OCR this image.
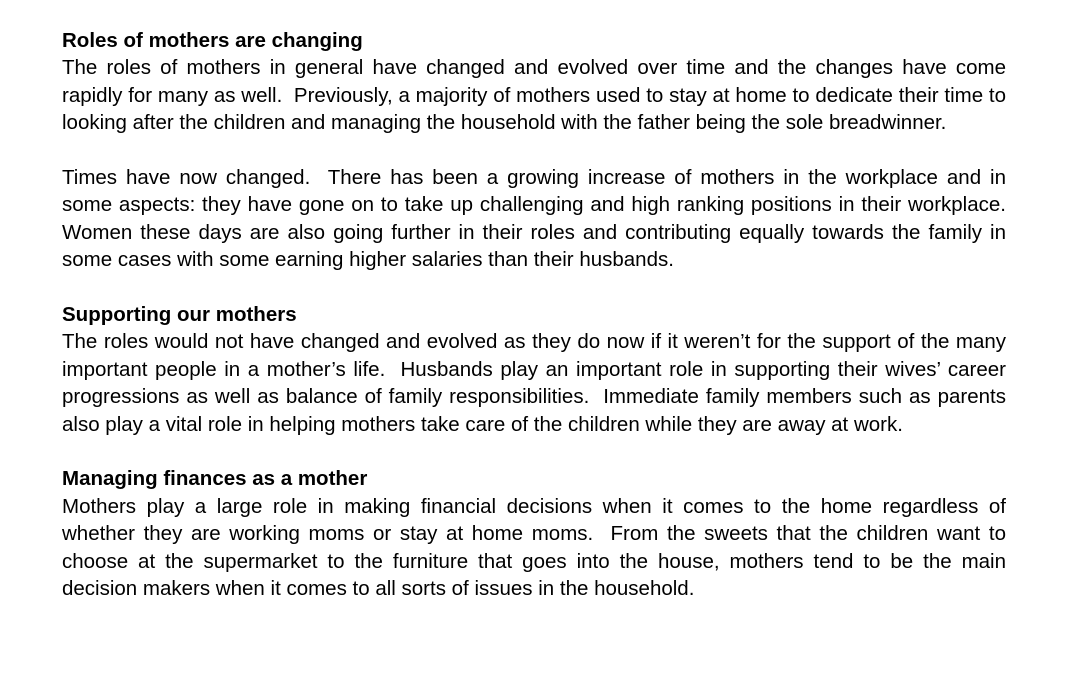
Roles of mothers are changing

The roles of mothers in general have changed and evolved over time and the changes have come rapidly for many as well.  Previously, a majority of mothers used to stay at home to dedicate their time to looking after the children and managing the household with the father being the sole breadwinner.

Times have now changed.  There has been a growing increase of mothers in the workplace and in some aspects: they have gone on to take up challenging and high ranking positions in their workplace.  Women these days are also going further in their roles and contributing equally towards the family in some cases with some earning higher salaries than their husbands.

Supporting our mothers

The roles would not have changed and evolved as they do now if it weren’t for the support of the many important people in a mother’s life.  Husbands play an important role in supporting their wives’ career progressions as well as balance of family responsibilities.  Immediate family members such as parents also play a vital role in helping mothers take care of the children while they are away at work.

Managing finances as a mother

Mothers play a large role in making financial decisions when it comes to the home regardless of whether they are working moms or stay at home moms.  From the sweets that the children want to choose at the supermarket to the furniture that goes into the house, mothers tend to be the main decision makers when it comes to all sorts of issues in the household.
